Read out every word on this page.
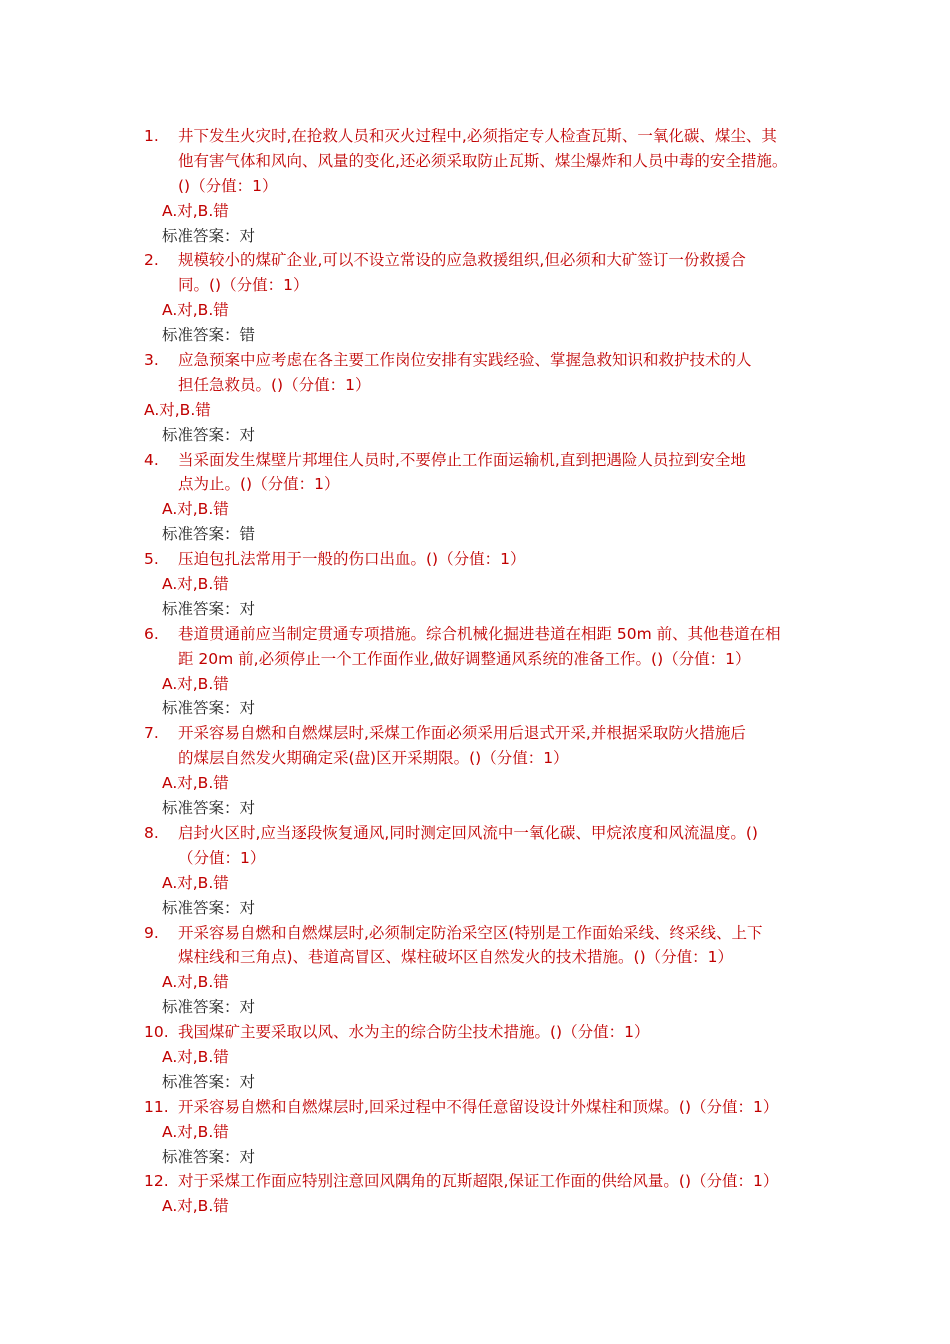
1. 井下发生火灾时,在抢救人员和灭火过程中,必须指定专人检查瓦斯、一氧化碳、煤尘、其
他有害气体和风向、风量的变化,还必须采取防止瓦斯、煤尘爆炸和人员中毒的安全措施。
()（分值：1）
A.对,B.错
标准答案：对
2. 规模较小的煤矿企业,可以不设立常设的应急救援组织,但必须和大矿签订一份救援合
同。()（分值：1）
A.对,B.错
标准答案：错
3. 应急预案中应考虑在各主要工作岗位安排有实践经验、掌握急救知识和救护技术的人
担任急救员。()（分值：1）
A.对,B.错
标准答案：对
4. 当采面发生煤壁片邦埋住人员时,不要停止工作面运输机,直到把遇险人员拉到安全地
点为止。()（分值：1）
A.对,B.错
标准答案：错
5. 压迫包扎法常用于一般的伤口出血。()（分值：1）
A.对,B.错
标准答案：对
6. 巷道贯通前应当制定贯通专项措施。综合机械化掘进巷道在相距 50m 前、其他巷道在相
距 20m 前,必须停止一个工作面作业,做好调整通风系统的准备工作。()（分值：1）
A.对,B.错
标准答案：对
7. 开采容易自燃和自燃煤层时,采煤工作面必须采用后退式开采,并根据采取防火措施后
的煤层自然发火期确定采(盘)区开采期限。()（分值：1）
A.对,B.错
标准答案：对
8. 启封火区时,应当逐段恢复通风,同时测定回风流中一氧化碳、甲烷浓度和风流温度。()
（分值：1）
A.对,B.错
标准答案：对
9. 开采容易自燃和自燃煤层时,必须制定防治采空区(特别是工作面始采线、终采线、上下
煤柱线和三角点)、巷道高冒区、煤柱破坏区自然发火的技术措施。()（分值：1）
A.对,B.错
标准答案：对
10. 我国煤矿主要采取以风、水为主的综合防尘技术措施。()（分值：1）
A.对,B.错
标准答案：对
11. 开采容易自燃和自燃煤层时,回采过程中不得任意留设设计外煤柱和顶煤。()（分值：1）
A.对,B.错
标准答案：对
12. 对于采煤工作面应特别注意回风隅角的瓦斯超限,保证工作面的供给风量。()（分值：1）
A.对,B.错
